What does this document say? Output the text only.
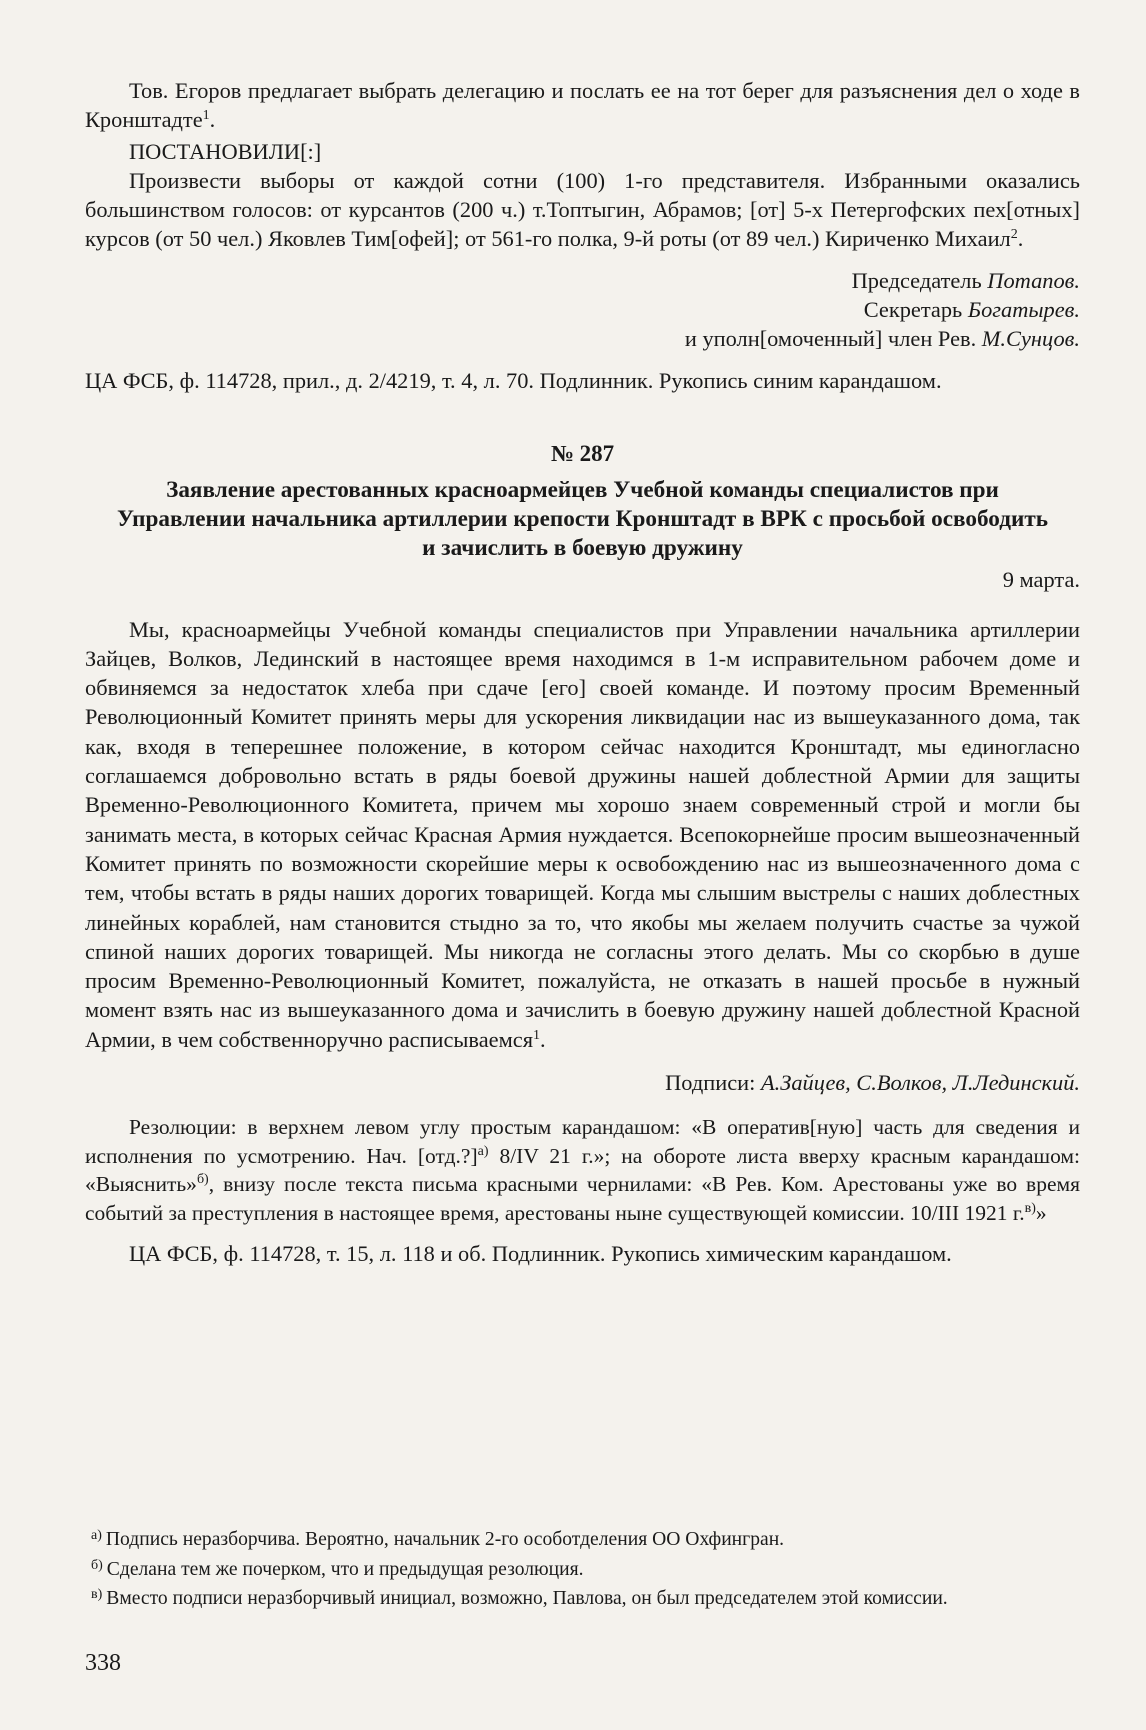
Тов. Егоров предлагает выбрать делегацию и послать ее на тот берег для разъяснения дел о ходе в Кронштадте$^1$.

ПОСТАНОВИЛИ[:]

Произвести выборы от каждой сотни (100) 1-го представителя. Избранными оказались большинством голосов: от курсантов (200 ч.) т.Топтыгин, Абрамов; [от] 5-х Петергофских пех[отных] курсов (от 50 чел.) Яковлев Тим[офей]; от 561-го полка, 9-й роты (от 89 чел.) Кириченко Михаил$^2$.

Председатель Потапов.

Секретарь Богатырев.

и уполн[омоченный] член Рев. М.Сунцов.

ЦА ФСБ, ф. 114728, прил., д. 2/4219, т. 4, л. 70. Подлинник. Рукопись синим карандашом.

№ 287

Заявление арестованных красноармейцев Учебной команды специалистов при Управлении начальника артиллерии крепости Кронштадт в ВРК с просьбой освободить и зачислить в боевую дружину

9 марта.

Мы, красноармейцы Учебной команды специалистов при Управлении начальника артиллерии Зайцев, Волков, Лединский в настоящее время находимся в 1-м исправительном рабочем доме и обвиняемся за недостаток хлеба при сдаче [его] своей команде. И поэтому просим Временный Революционный Комитет принять меры для ускорения ликвидации нас из вышеуказанного дома, так как, входя в теперешнее положение, в котором сейчас находится Кронштадт, мы единогласно соглашаемся добровольно встать в ряды боевой дружины нашей доблестной Армии для защиты Временно-Революционного Комитета, причем мы хорошо знаем современный строй и могли бы занимать места, в которых сейчас Красная Армия нуждается. Всепокорнейше просим вышеозначенный Комитет принять по возможности скорейшие меры к освобождению нас из вышеозначенного дома с тем, чтобы встать в ряды наших дорогих товарищей. Когда мы слышим выстрелы с наших доблестных линейных кораблей, нам становится стыдно за то, что якобы мы желаем получить счастье за чужой спиной наших дорогих товарищей. Мы никогда не согласны этого делать. Мы со скорбью в душе просим Временно-Революционный Комитет, пожалуйста, не отказать в нашей просьбе в нужный момент взять нас из вышеуказанного дома и зачислить в боевую дружину нашей доблестной Красной Армии, в чем собственноручно расписываемся$^1$.

Подписи: А.Зайцев, С.Волков, Л.Лединский.

Резолюции: в верхнем левом углу простым карандашом: «В оператив[ную] часть для сведения и исполнения по усмотрению. Нач. [отд.?]$^{а)}$ 8/IV 21 г.»; на обороте листа вверху красным карандашом: «Выяснить»$^{б)}$, внизу после текста письма красными чернилами: «В Рев. Ком. Арестованы уже во время событий за преступления в настоящее время, арестованы ныне существующей комиссии. 10/III 1921 г.$^{в)}$»

ЦА ФСБ, ф. 114728, т. 15, л. 118 и об. Подлинник. Рукопись химическим карандашом.

$^{а)}$ Подпись неразборчива. Вероятно, начальник 2-го особотделения ОО Охфингран.
$^{б)}$ Сделана тем же почерком, что и предыдущая резолюция.
$^{в)}$ Вместо подписи неразборчивый инициал, возможно, Павлова, он был председателем этой комиссии.
338
